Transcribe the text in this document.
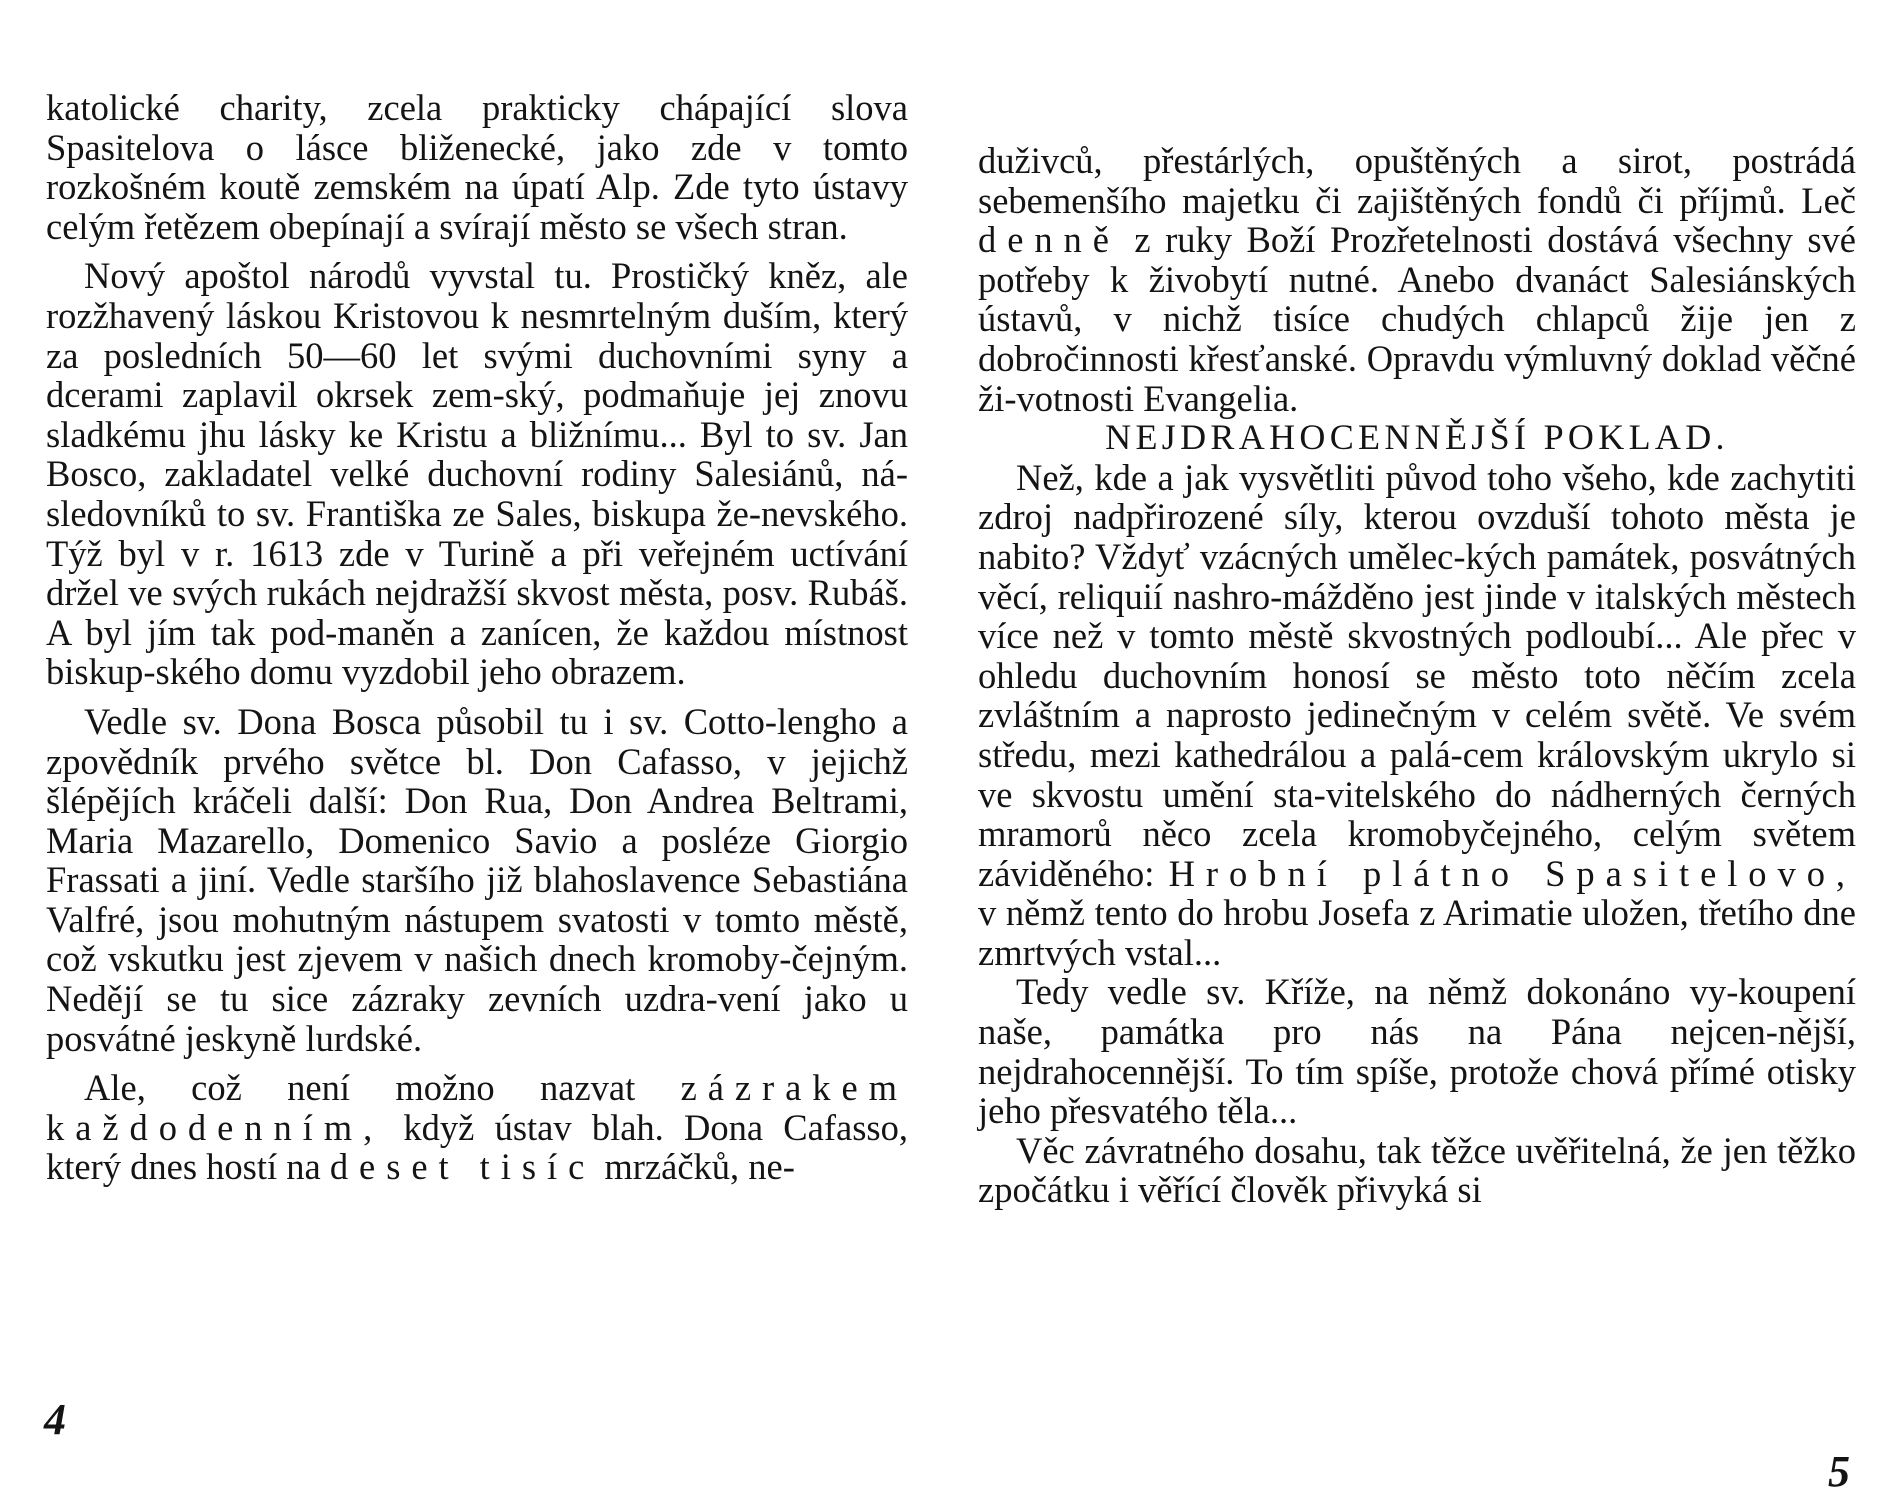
katolické charity, zcela prakticky chápající slova Spasitelova o lásce bliženecké, jako zde v tomto rozkošném koutě zemském na úpatí Alp. Zde tyto ústavy celým řetězem obepínají a svírají město se všech stran.

Nový apoštol národů vyvstal tu. Prostičký kněz, ale rozžhavený láskou Kristovou k nesmrtelným duším, který za posledních 50—60 let svými duchovními syny a dcerami zaplavil okrsek zem-ský, podmaňuje jej znovu sladkému jhu lásky ke Kristu a bližnímu... Byl to sv. Jan Bosco, zakladatel velké duchovní rodiny Salesiánů, ná-sledovníků to sv. Františka ze Sales, biskupa že-nevského. Týž byl v r. 1613 zde v Turině a při veřejném uctívání držel ve svých rukách nejdražší skvost města, posv. Rubáš. A byl jím tak pod-maněn a zanícen, že každou místnost biskup-ského domu vyzdobil jeho obrazem.

Vedle sv. Dona Bosca působil tu i sv. Cotto-lengho a zpovědník prvého světce bl. Don Cafasso, v jejichž šlépějích kráčeli další: Don Rua, Don Andrea Beltrami, Maria Mazarello, Domenico Savio a posléze Giorgio Frassati a jiní. Vedle staršího již blahoslavence Sebastiána Valfré, jsou mohutným nástupem svatosti v tomto městě, což vskutku jest zjevem v našich dnech kromoby-čejným. Nedějí se tu sice zázraky zevních uzdra-vení jako u posvátné jeskyně lurdské.

Ale, což není možno nazvat zázrakem každodenním, když ústav blah. Dona Cafasso, který dnes hostí na deset tisíc mrzáčků, ne-

4

duživců, přestárlých, opuštěných a sirot, postrádá sebemenšího majetku či zajištěných fondů či příjmů. Leč denně z ruky Boží Prozřetelnosti dostává všechny své potřeby k živobytí nutné. Anebo dvanáct Salesiánských ústavů, v nichž tisíce chudých chlapců žije jen z dobročinnosti křesťanské. Opravdu výmluvný doklad věčné ži-votnosti Evangelia.

NEJDRAHOCENNĚJŠÍ POKLAD.

Než, kde a jak vysvětliti původ toho všeho, kde zachytiti zdroj nadpřirozené síly, kterou ovzduší tohoto města je nabito? Vždyť vzácných umělec-kých památek, posvátných věcí, reliquií nashro-mážděno jest jinde v italských městech více než v tomto městě skvostných podloubí... Ale přec v ohledu duchovním honosí se město toto něčím zcela zvláštním a naprosto jedinečným v celém světě. Ve svém středu, mezi kathedrálou a palá-cem královským ukrylo si ve skvostu umění sta-vitelského do nádherných černých mramorů něco zcela kromobyčejného, celým světem záviděného: Hrobní plátno Spasitelovo, v němž tento do hrobu Josefa z Arimatie uložen, třetího dne zmrtvých vstal...

Tedy vedle sv. Kříže, na němž dokonáno vy-koupení naše, památka pro nás na Pána nejcen-nější, nejdrahocennější. To tím spíše, protože chová přímé otisky jeho přesvatého těla...

Věc závratného dosahu, tak těžce uvěřitelná, že jen těžko zpočátku i věřící člověk přivyká si

5
